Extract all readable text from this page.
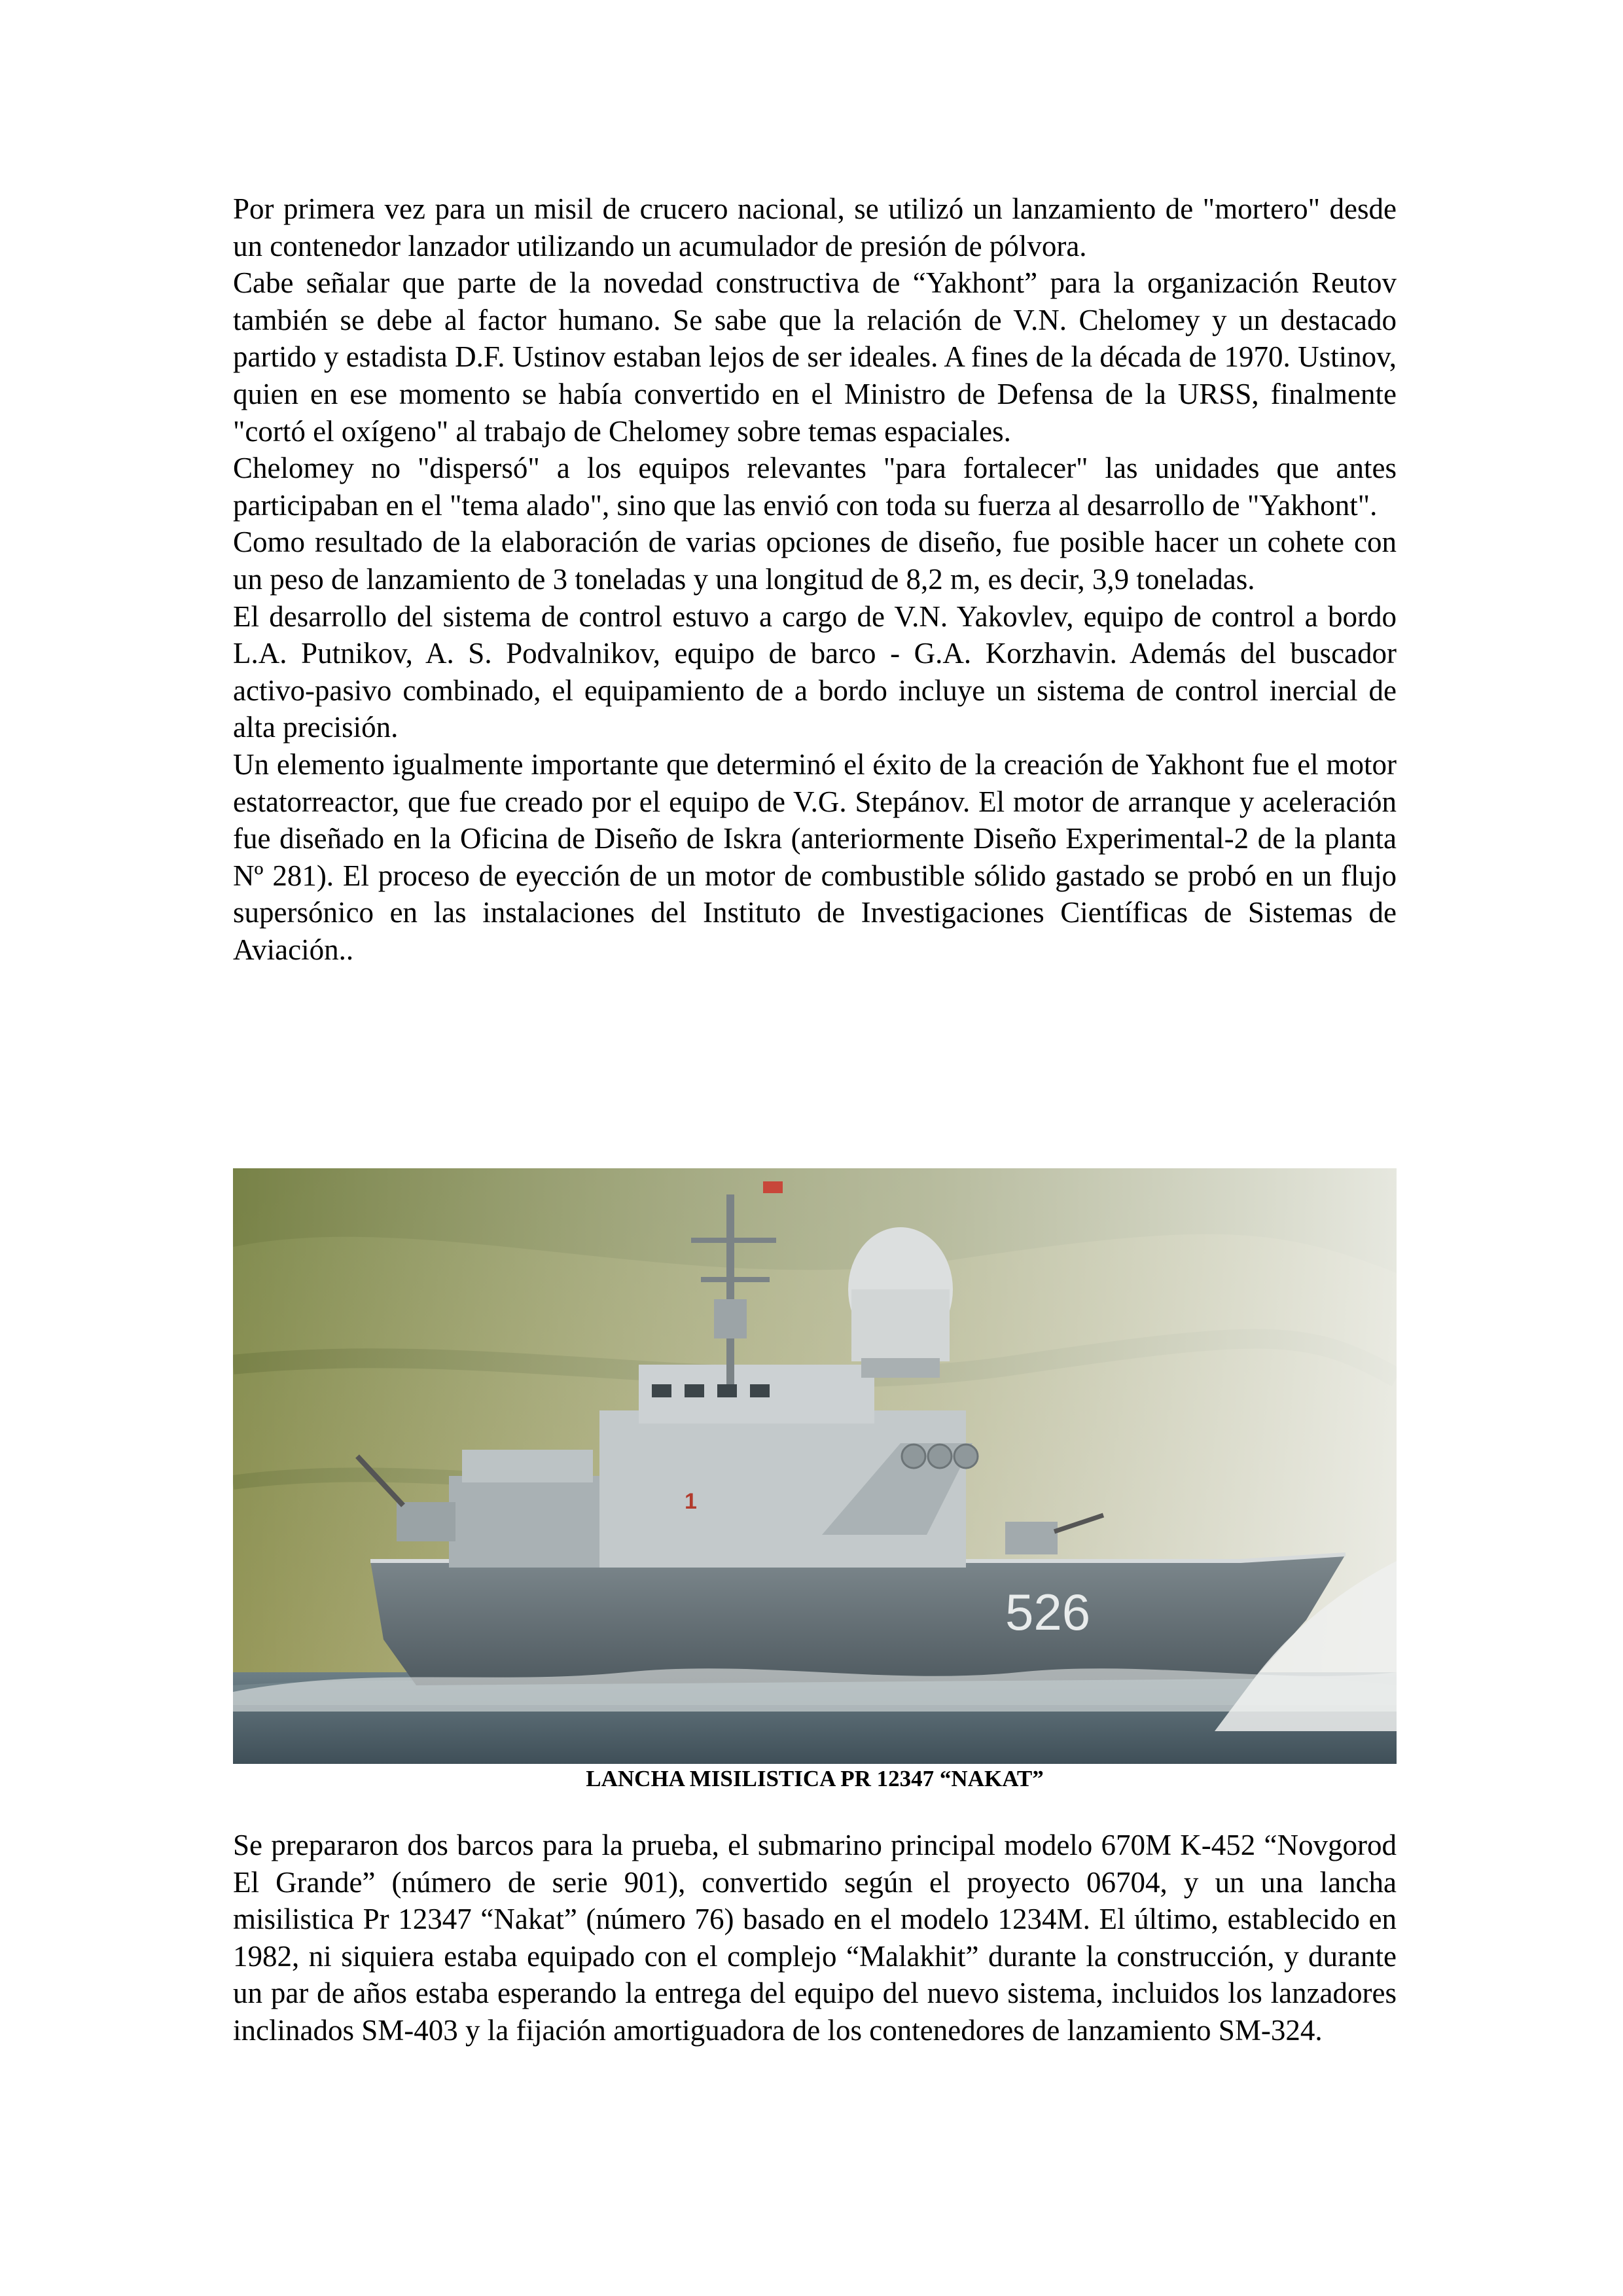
Por primera vez para un misil de crucero nacional, se utilizó un lanzamiento de "mortero" desde un contenedor lanzador utilizando un acumulador de presión de pólvora.

Cabe señalar que parte de la novedad constructiva de “Yakhont” para la organización Reutov también se debe al factor humano. Se sabe que la relación de V.N. Chelomey y un destacado partido y estadista D.F. Ustinov estaban lejos de ser ideales. A fines de la década de 1970. Ustinov, quien en ese momento se había convertido en el Ministro de Defensa de la URSS, finalmente "cortó el oxígeno" al trabajo de Chelomey sobre temas espaciales.

Chelomey no "dispersó" a los equipos relevantes "para fortalecer" las unidades que antes participaban en el "tema alado", sino que las envió con toda su fuerza al desarrollo de "Yakhont".

Como resultado de la elaboración de varias opciones de diseño, fue posible hacer un cohete con un peso de lanzamiento de 3 toneladas y una longitud de 8,2 m, es decir, 3,9 toneladas.

El desarrollo del sistema de control estuvo a cargo de V.N. Yakovlev, equipo de control a bordo L.A. Putnikov, A. S. Podvalnikov, equipo de barco - G.A. Korzhavin. Además del buscador activo-pasivo combinado, el equipamiento de a bordo incluye un sistema de control inercial de alta precisión.

Un elemento igualmente importante que determinó el éxito de la creación de Yakhont fue el motor estatorreactor, que fue creado por el equipo de V.G. Stepánov. El motor de arranque y aceleración fue diseñado en la Oficina de Diseño de Iskra (anteriormente Diseño Experimental-2 de la planta Nº 281). El proceso de eyección de un motor de combustible sólido gastado se probó en un flujo supersónico en las instalaciones del Instituto de Investigaciones Científicas de Sistemas de Aviación..

1
526

LANCHA MISILISTICA PR 12347 “NAKAT”

Se prepararon dos barcos para la prueba, el submarino principal modelo 670M K-452 “Novgorod El Grande” (número de serie 901), convertido según el proyecto 06704, y un una lancha misilistica Pr 12347 “Nakat” (número 76) basado en el modelo 1234M. El último, establecido en 1982, ni siquiera estaba equipado con el complejo “Malakhit” durante la construcción, y durante un par de años estaba esperando la entrega del equipo del nuevo sistema, incluidos los lanzadores inclinados SM-403 y la fijación amortiguadora de los contenedores de lanzamiento SM-324.
